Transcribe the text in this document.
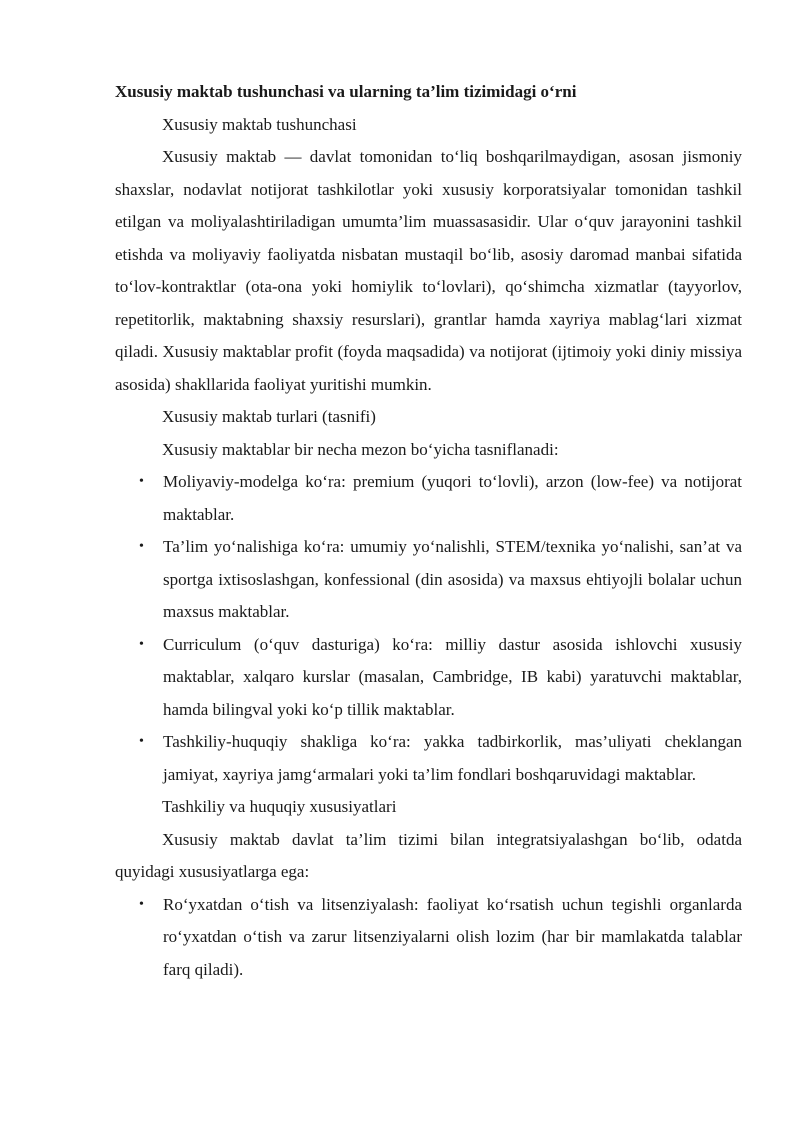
Xususiy maktab tushunchasi va ularning ta’lim tizimidagi o‘rni

Xususiy maktab tushunchasi

Xususiy maktab — davlat tomonidan to‘liq boshqarilmaydigan, asosan jismoniy shaxslar, nodavlat notijorat tashkilotlar yoki xususiy korporatsiyalar tomonidan tashkil etilgan va moliyalashtiriladigan umumta’lim muassasasidir. Ular o‘quv jarayonini tashkil etishda va moliyaviy faoliyatda nisbatan mustaqil bo‘lib, asosiy daromad manbai sifatida to‘lov-kontraktlar (ota-ona yoki homiylik to‘lovlari), qo‘shimcha xizmatlar (tayyorlov, repetitorlik, maktabning shaxsiy resurslari), grantlar hamda xayriya mablag‘lari xizmat qiladi. Xususiy maktablar profit (foyda maqsadida) va notijorat (ijtimoiy yoki diniy missiya asosida) shakllarida faoliyat yuritishi mumkin.

Xususiy maktab turlari (tasnifi)

Xususiy maktablar bir necha mezon bo‘yicha tasniflanadi:

• Moliyaviy-modelga ko‘ra: premium (yuqori to‘lovli), arzon (low-fee) va notijorat maktablar.
• Ta’lim yo‘nalishiga ko‘ra: umumiy yo‘nalishli, STEM/texnika yo‘nalishi, san’at va sportga ixtisoslashgan, konfessional (din asosida) va maxsus ehtiyojli bolalar uchun maxsus maktablar.
• Curriculum (o‘quv dasturiga) ko‘ra: milliy dastur asosida ishlovchi xususiy maktablar, xalqaro kurslar (masalan, Cambridge, IB kabi) yaratuvchi maktablar, hamda bilingval yoki ko‘p tillik maktablar.
• Tashkiliy-huquqiy shakliga ko‘ra: yakka tadbirkorlik, mas’uliyati cheklangan jamiyat, xayriya jamg‘armalari yoki ta’lim fondlari boshqaruvidagi maktablar.

Tashkiliy va huquqiy xususiyatlari

Xususiy maktab davlat ta’lim tizimi bilan integratsiyalashgan bo‘lib, odatda quyidagi xususiyatlarga ega:

• Ro‘yxatdan o‘tish va litsenziyalash: faoliyat ko‘rsatish uchun tegishli organlarda ro‘yxatdan o‘tish va zarur litsenziyalarni olish lozim (har bir mamlakatda talablar farq qiladi).
